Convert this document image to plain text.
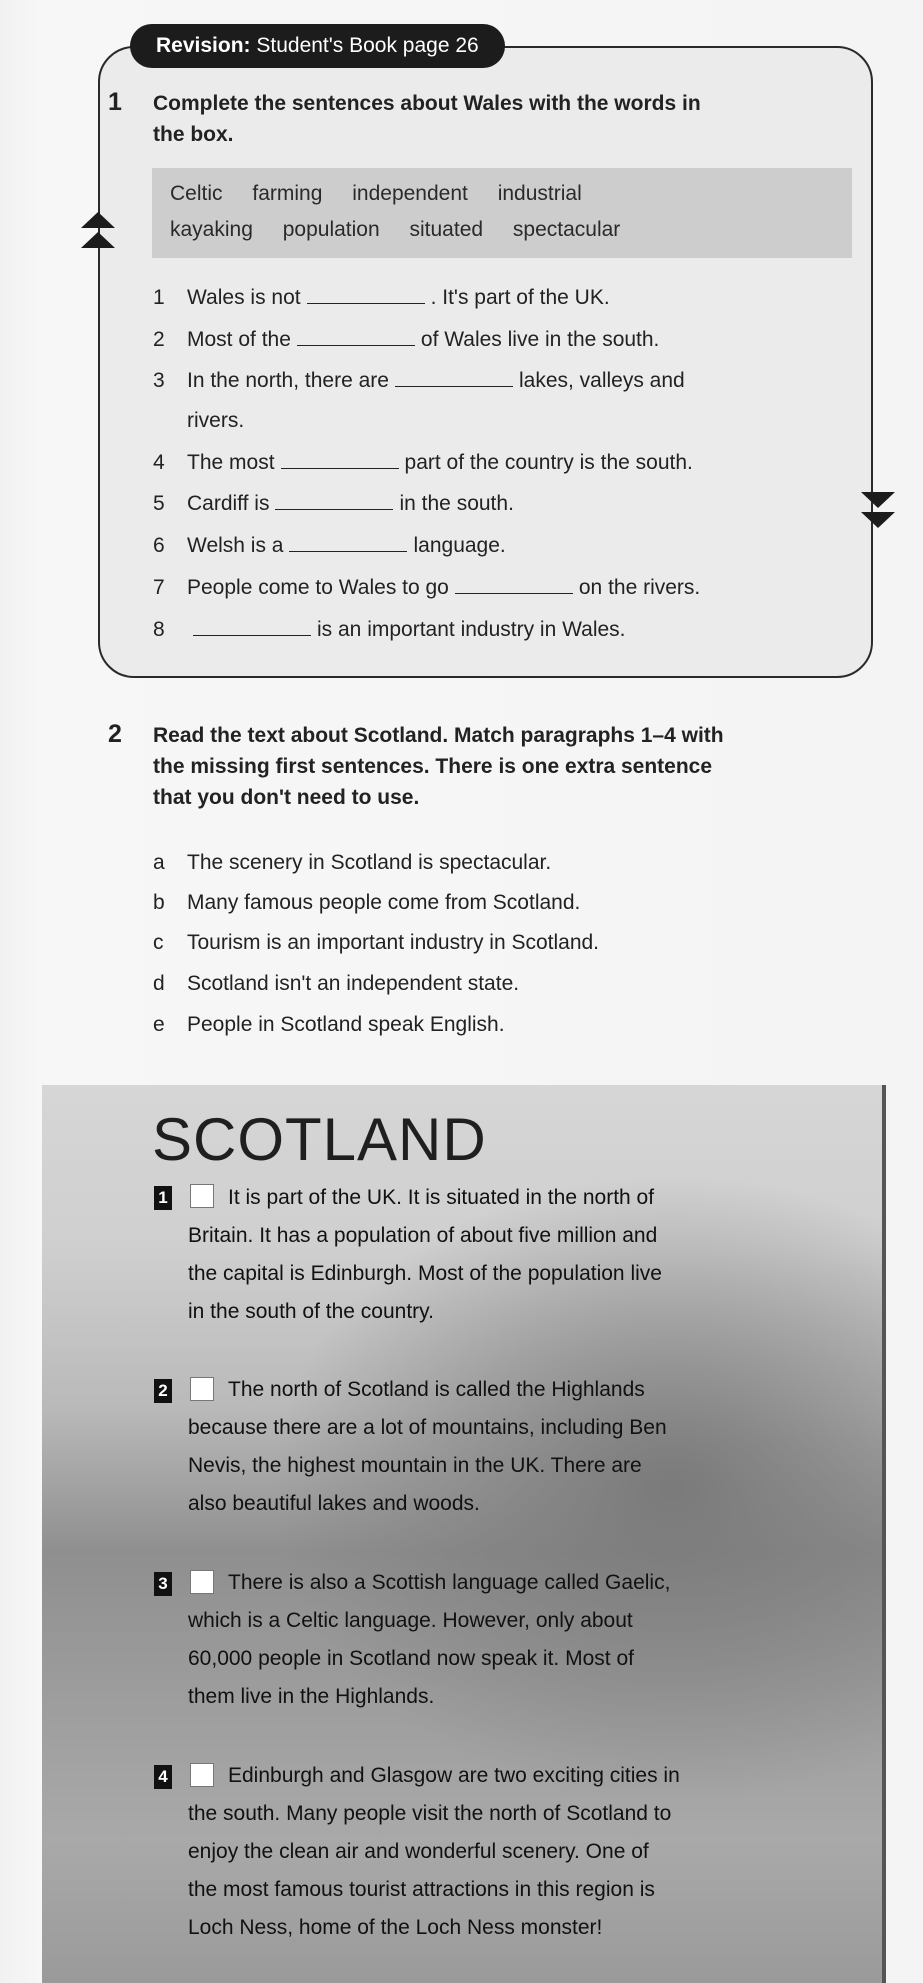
Revision: Student's Book page 26
1 Complete the sentences about Wales with the words in
the box.
Celtic farming independent industrial
kayaking population situated spectacular
1 Wales is not	. It's part of the UK.
2 Most of the	of Wales live in the south.
3 In the north, there are	lakes, valleys and
rivers.
4 The most	part of the country is the south.
5 Cardiff is	in the south.
6 Welsh is a	language.
7 People come to Wales to go	on the rivers.
8	is an important industry in Wales.
2 Read the text about Scotland. Match paragraphs 1–4 with
the missing first sentences. There is one extra sentence
that you don't need to use.
a The scenery in Scotland is spectacular.
b Many famous people come from Scotland.
c Tourism is an important industry in Scotland.
d Scotland isn't an independent state.
e People in Scotland speak English.
SCOTLAND
1	It is part of the UK. It is situated in the north of
Britain. It has a population of about five million and
the capital is Edinburgh. Most of the population live
in the south of the country.
2	The north of Scotland is called the Highlands
because there are a lot of mountains, including Ben
Nevis, the highest mountain in the UK. There are
also beautiful lakes and woods.
3	There is also a Scottish language called Gaelic,
which is a Celtic language. However, only about
60,000 people in Scotland now speak it. Most of
them live in the Highlands.
4	Edinburgh and Glasgow are two exciting cities in
the south. Many people visit the north of Scotland to
enjoy the clean air and wonderful scenery. One of
the most famous tourist attractions in this region is
Loch Ness, home of the Loch Ness monster!
